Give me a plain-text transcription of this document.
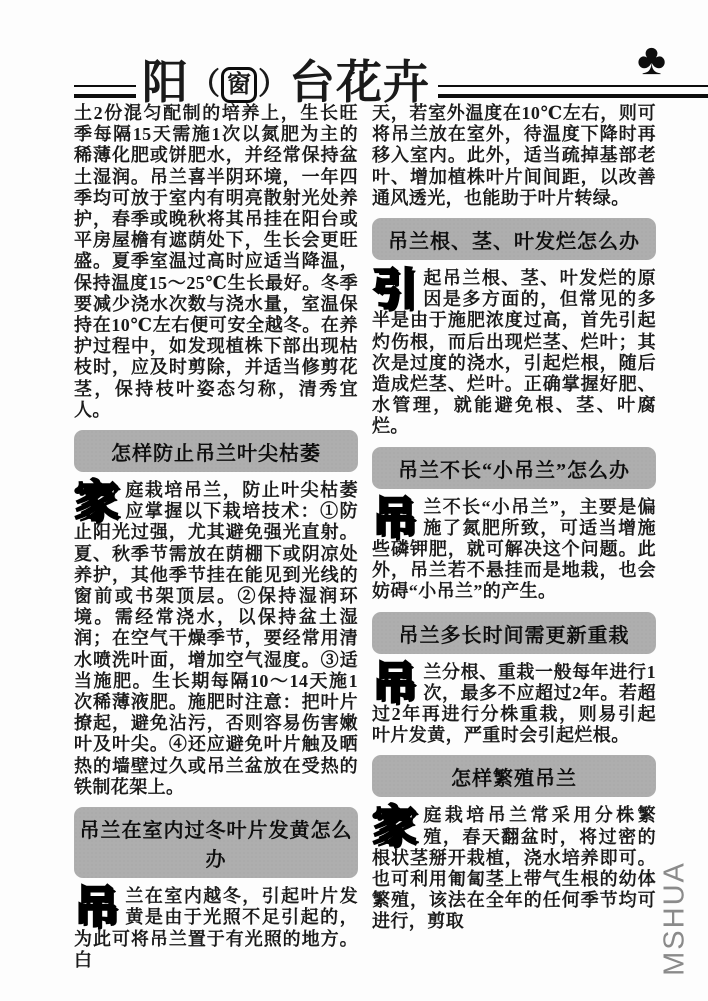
阳 （ 窗 ） 台花卉	♣

土2份混匀配制的培养上，生长旺季每隔15天需施1次以氮肥为主的稀薄化肥或饼肥水，并经常保持盆土湿润。吊兰喜半阴环境，一年四季均可放于室内有明亮散射光处养护，春季或晚秋将其吊挂在阳台或平房屋檐有遮荫处下，生长会更旺盛。夏季室温过高时应适当降温，保持温度15～25℃生长最好。冬季要减少浇水次数与浇水量，室温保持在10℃左右便可安全越冬。在养护过程中，如发现植株下部出现枯枝时，应及时剪除，并适当修剪花茎，保持枝叶姿态匀称，清秀宜人。

怎样防止吊兰叶尖枯萎

家庭栽培吊兰，防止叶尖枯萎应掌握以下栽培技术：①防止阳光过强，尤其避免强光直射。夏、秋季节需放在荫棚下或阴凉处养护，其他季节挂在能见到光线的窗前或书架顶层。②保持湿润环境。需经常浇水，以保持盆土湿润；在空气干燥季节，要经常用清水喷洗叶面，增加空气湿度。③适当施肥。生长期每隔10～14天施1次稀薄液肥。施肥时注意：把叶片撩起，避免沾污，否则容易伤害嫩叶及叶尖。④还应避免叶片触及晒热的墙壁过久或吊兰盆放在受热的铁制花架上。

吊兰在室内过冬叶片发黄怎么办

吊兰在室内越冬，引起叶片发黄是由于光照不足引起的，为此可将吊兰置于有光照的地方。白

天，若室外温度在10℃左右，则可将吊兰放在室外，待温度下降时再移入室内。此外，适当疏掉基部老叶、增加植株叶片间间距，以改善通风透光，也能助于叶片转绿。

吊兰根、茎、叶发烂怎么办

引起吊兰根、茎、叶发烂的原因是多方面的，但常见的多半是由于施肥浓度过高，首先引起灼伤根，而后出现烂茎、烂叶；其次是过度的浇水，引起烂根，随后造成烂茎、烂叶。正确掌握好肥、水管理，就能避免根、茎、叶腐烂。

吊兰不长“小吊兰”怎么办

吊兰不长“小吊兰”，主要是偏施了氮肥所致，可适当增施些磷钾肥，就可解决这个问题。此外，吊兰若不悬挂而是地栽，也会妨碍“小吊兰”的产生。

吊兰多长时间需更新重栽

吊兰分根、重栽一般每年进行1次，最多不应超过2年。若超过2年再进行分株重栽，则易引起叶片发黄，严重时会引起烂根。

怎样繁殖吊兰

家庭栽培吊兰常采用分株繁殖，春天翻盆时，将过密的根状茎掰开栽植，浇水培养即可。也可利用匍匐茎上带气生根的幼体繁殖，该法在全年的任何季节均可进行，剪取	MSHUA
